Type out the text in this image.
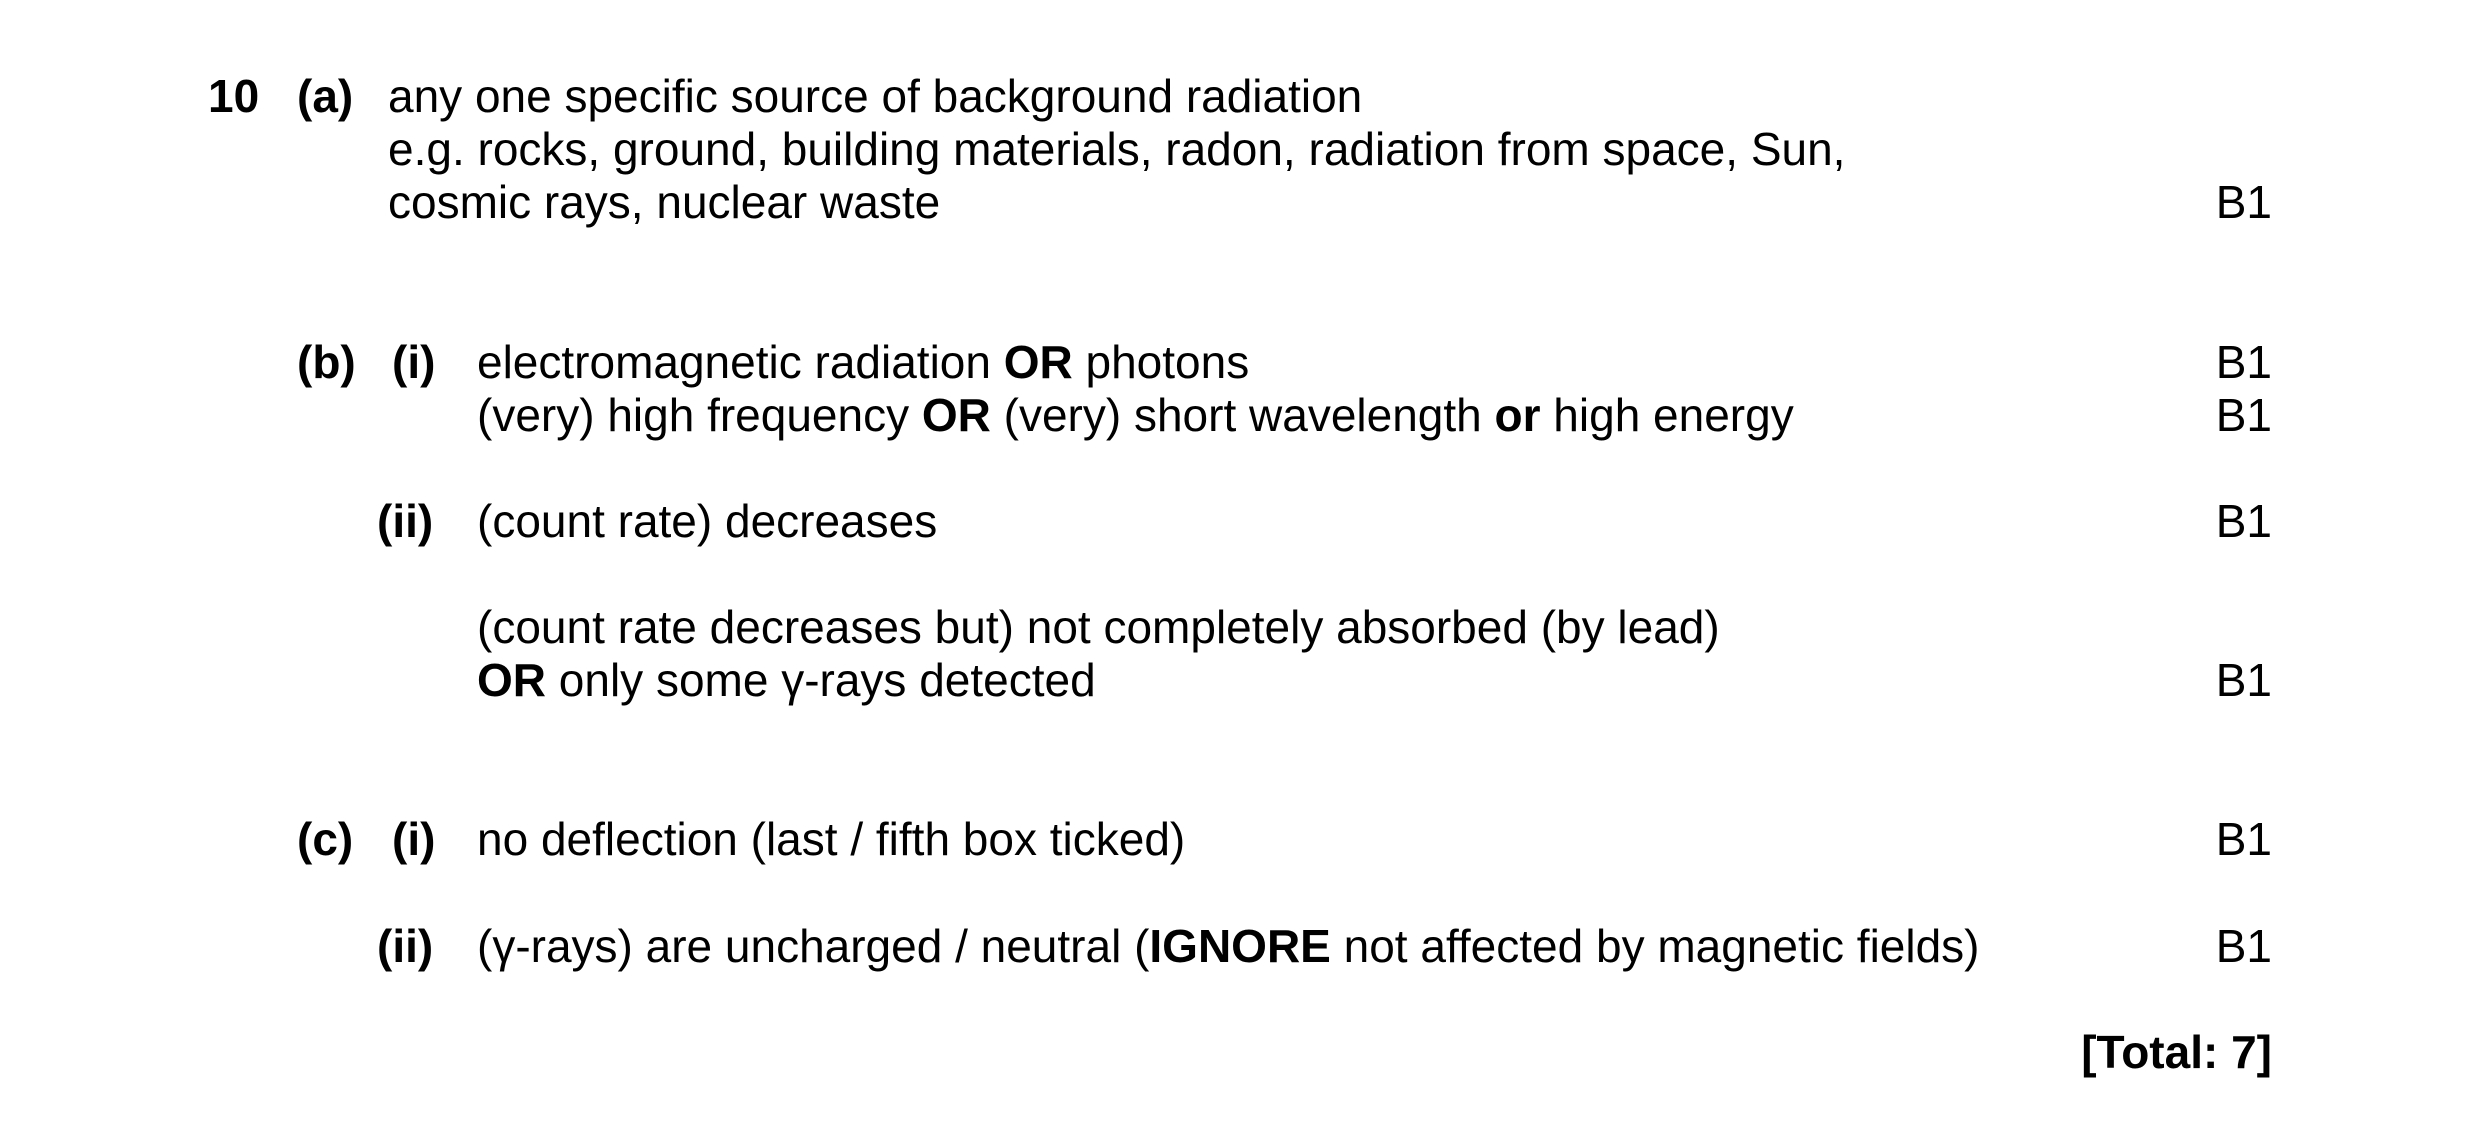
10 (a) any one specific source of background radiation
e.g. rocks, ground, building materials, radon, radiation from space, Sun,
cosmic rays, nuclear waste	B1
(b) (i) electromagnetic radiation OR photons	B1
(very) high frequency OR (very) short wavelength or high energy	B1
(ii) (count rate) decreases	B1
(count rate decreases but) not completely absorbed (by lead)
OR only some γ-rays detected	B1
(c) (i) no deflection (last / fifth box ticked)	B1
(ii) (γ-rays) are uncharged / neutral (IGNORE not affected by magnetic fields)	B1
[Total: 7]
